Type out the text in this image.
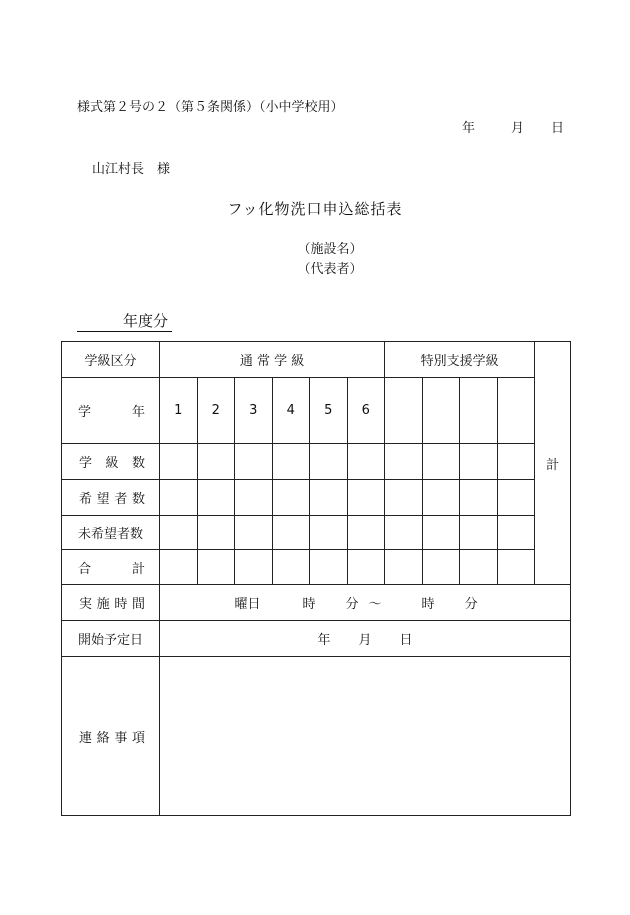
様式第２号の２（第５条関係）（小中学校用）
年	月 日
山江村長　様
フッ化物洗口申込総括表
（施設名）
（代表者）
年度分
学級区分	通 常 学 級						特別支援学級				計

学 年	1	2	3	4	5	6					

学 級 数											

希 望 者 数											

未希望者数											

合 計											

実 施 時 間	曜日 時 分 ～ 時 分										
開始予定日	年 月 日										

連 絡 事 項											
